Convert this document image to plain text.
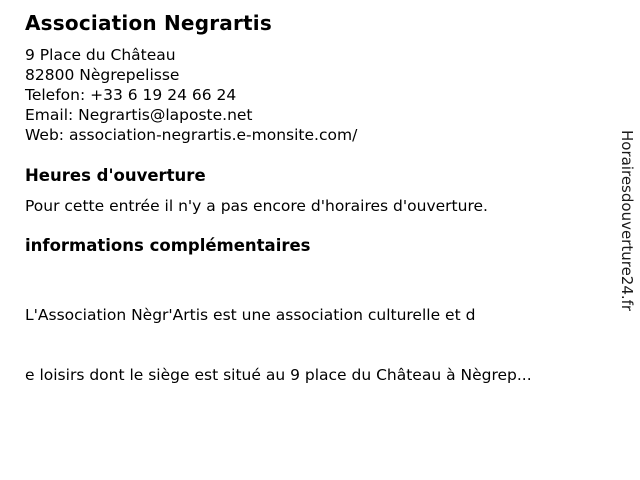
Association Negrartis
9 Place du Château
82800 Nègrepelisse
Telefon: +33 6 19 24 66 24
Email: Negrartis@laposte.net
Web: association-negrartis.e-monsite.com/
Heures d'ouverture
Pour cette entrée il n'y a pas encore d'horaires d'ouverture.
informations complémentaires

L'Association Nègr'Artis est une association culturelle et d

e loisirs dont le siège est situé au 9 place du Château à Nègrep...

Horairesdouverture24.fr
